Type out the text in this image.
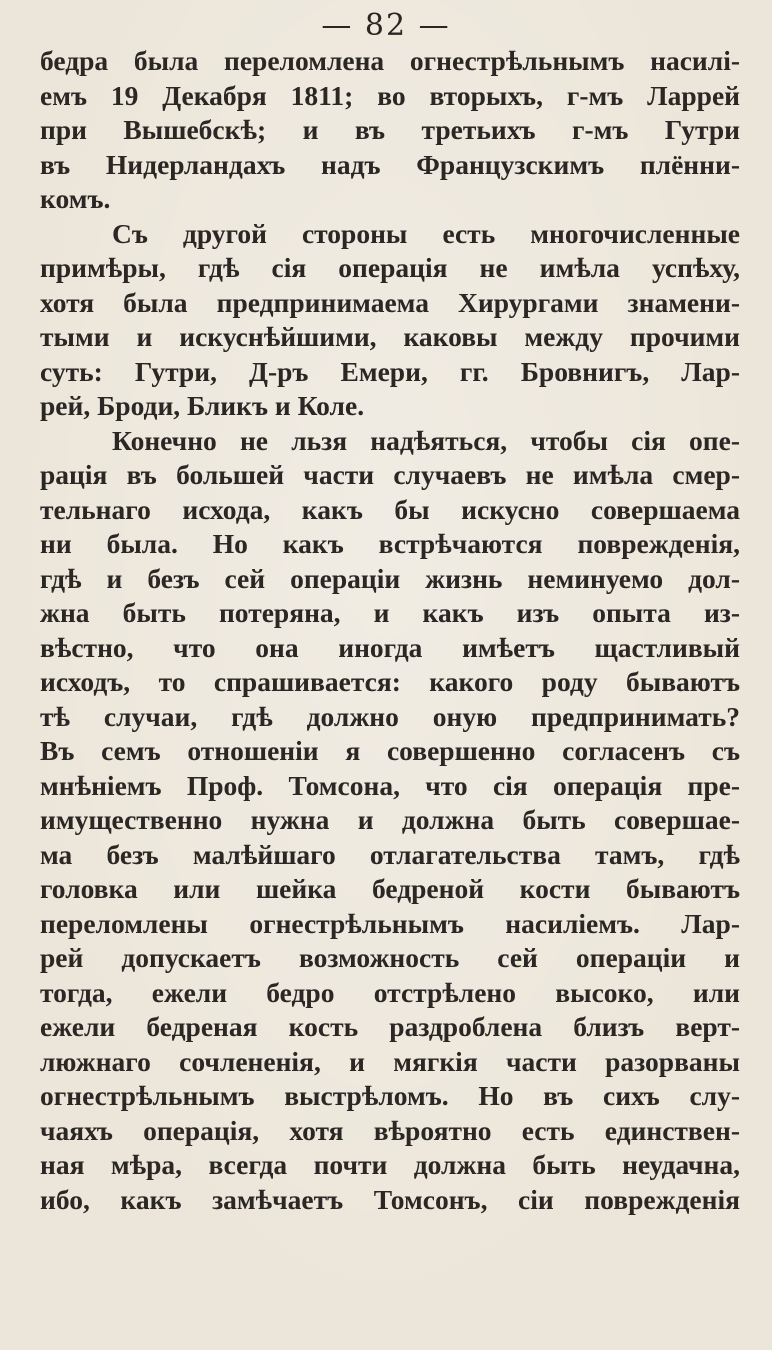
— 82 —
бедра была переломлена огнестрѣльнымъ насилі-
емъ 19 Декабря 1811; во вторыхъ, г-мъ Ларрей
при Вышебскѣ; и въ третьихъ г-мъ Гутри
въ Нидерландахъ надъ Французскимъ плённи-
комъ.
Съ другой стороны есть многочисленные
примѣры, гдѣ сія операція не имѣла успѣху,
хотя была предпринимаема Хирургами знамени-
тыми и искуснѣйшими, каковы между прочими
суть: Гутри, Д-ръ Емери, гг. Бровнигъ, Лар-
рей, Броди, Бликъ и Коле.
Конечно не льзя надѣяться, чтобы сія опе-
рація въ большей части случаевъ не имѣла смер-
тельнаго исхода, какъ бы искусно совершаема
ни была. Но какъ встрѣчаются поврежденія,
гдѣ и безъ сей операціи жизнь неминуемо дол-
жна быть потеряна, и какъ изъ опыта из-
вѣстно, что она иногда имѣетъ щастливый
исходъ, то спрашивается: какого роду бываютъ
тѣ случаи, гдѣ должно оную предпринимать?
Въ семъ отношеніи я совершенно согласенъ съ
мнѣніемъ Проф. Томсона, что сія операція пре-
имущественно нужна и должна быть совершае-
ма безъ малѣйшаго отлагательства тамъ, гдѣ
головка или шейка бедреной кости бываютъ
переломлены огнестрѣльнымъ насиліемъ. Лар-
рей допускаетъ возможность сей операціи и
тогда, ежели бедро отстрѣлено высоко, или
ежели бедреная кость раздроблена близъ верт-
люжнаго сочлененія, и мягкія части разорваны
огнестрѣльнымъ выстрѣломъ. Но въ сихъ слу-
чаяхъ операція, хотя вѣроятно есть единствен-
ная мѣра, всегда почти должна быть неудачна,
ибо, какъ замѣчаетъ Томсонъ, сіи поврежденія
